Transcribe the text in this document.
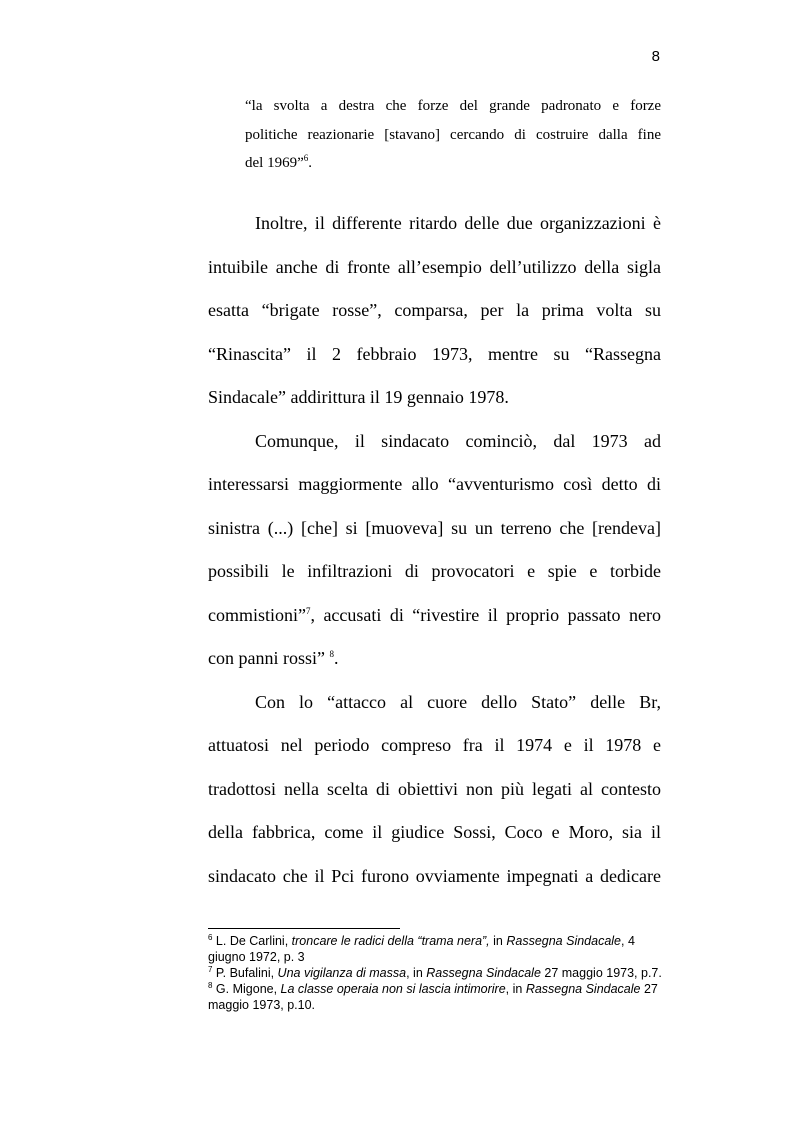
8
“la svolta a destra che forze del grande padronato e forze
politiche reazionarie [stavano] cercando di costruire dalla fine
del 1969”$^6$.

Inoltre, il differente ritardo delle due organizzazioni è
intuibile anche di fronte all’esempio dell’utilizzo della sigla
esatta “brigate rosse”, comparsa, per la prima volta su
“Rinascita” il 2 febbraio 1973, mentre su “Rassegna
Sindacale” addirittura il 19 gennaio 1978.

Comunque, il sindacato cominciò, dal 1973 ad
interessarsi maggiormente allo “avventurismo così detto di
sinistra (...) [che] si [muoveva] su un terreno che [rendeva]
possibili le infiltrazioni di provocatori e spie e torbide
commistioni”$^7$, accusati di “rivestire il proprio passato nero
con panni rossi” $^8$.

Con lo “attacco al cuore dello Stato” delle Br,
attuatosi nel periodo compreso fra il 1974 e il 1978 e
tradottosi nella scelta di obiettivi non più legati al contesto
della fabbrica, come il giudice Sossi, Coco e Moro, sia il
sindacato che il Pci furono ovviamente impegnati a dedicare

$^6$ L. De Carlini, troncare le radici della “trama nera”, in Rassegna Sindacale, 4 giugno 1972, p. 3

$^7$ P. Bufalini, Una vigilanza di massa, in Rassegna Sindacale 27 maggio 1973, p.7.

$^8$ G. Migone, La classe operaia non si lascia intimorire, in Rassegna Sindacale 27 maggio 1973, p.10.
